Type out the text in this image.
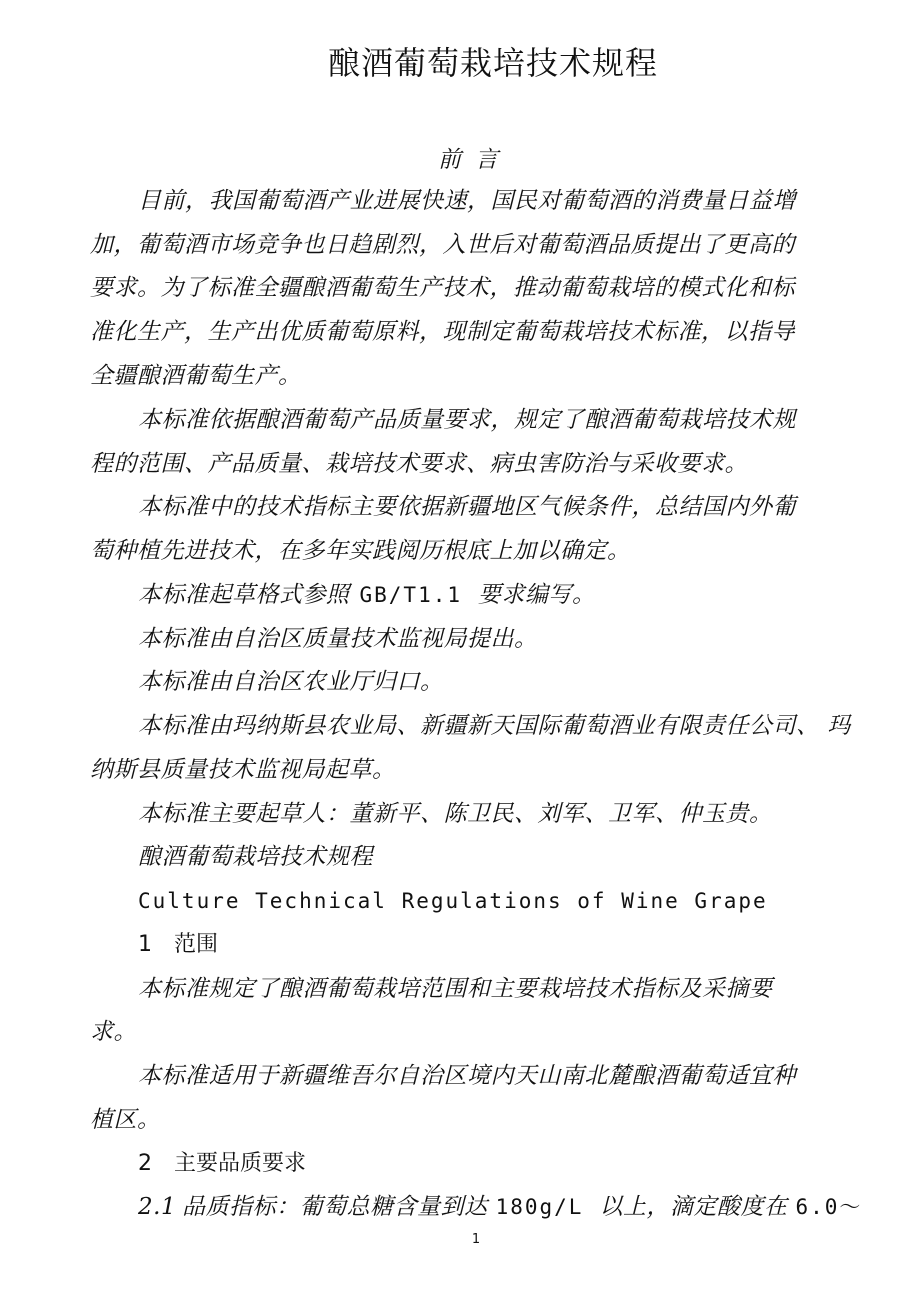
酿酒葡萄栽培技术规程
前言
目前，我国葡萄酒产业进展快速，国民对葡萄酒的消费量日益增
加，葡萄酒市场竞争也日趋剧烈，入世后对葡萄酒品质提出了更高的
要求。为了标准全疆酿酒葡萄生产技术，推动葡萄栽培的模式化和标
准化生产，生产出优质葡萄原料，现制定葡萄栽培技术标准，以指导
全疆酿酒葡萄生产。
本标准依据酿酒葡萄产品质量要求，规定了酿酒葡萄栽培技术规
程的范围、产品质量、栽培技术要求、病虫害防治与采收要求。
本标准中的技术指标主要依据新疆地区气候条件，总结国内外葡
萄种植先进技术，在多年实践阅历根底上加以确定。
本标准起草格式参照 GB/T1.1 要求编写。
本标准由自治区质量技术监视局提出。
本标准由自治区农业厅归口。
本标准由玛纳斯县农业局、新疆新天国际葡萄酒业有限责任公司、 玛
纳斯县质量技术监视局起草。
本标准主要起草人：董新平、陈卫民、刘军、卫军、仲玉贵。
酿酒葡萄栽培技术规程
Culture Technical Regulations of Wine Grape
1 范围
本标准规定了酿酒葡萄栽培范围和主要栽培技术指标及采摘要
求。
本标准适用于新疆维吾尔自治区境内天山南北麓酿酒葡萄适宜种
植区。
2 主要品质要求
2.1 品质指标：葡萄总糖含量到达 180g/L 以上，滴定酸度在 6.0～
1
